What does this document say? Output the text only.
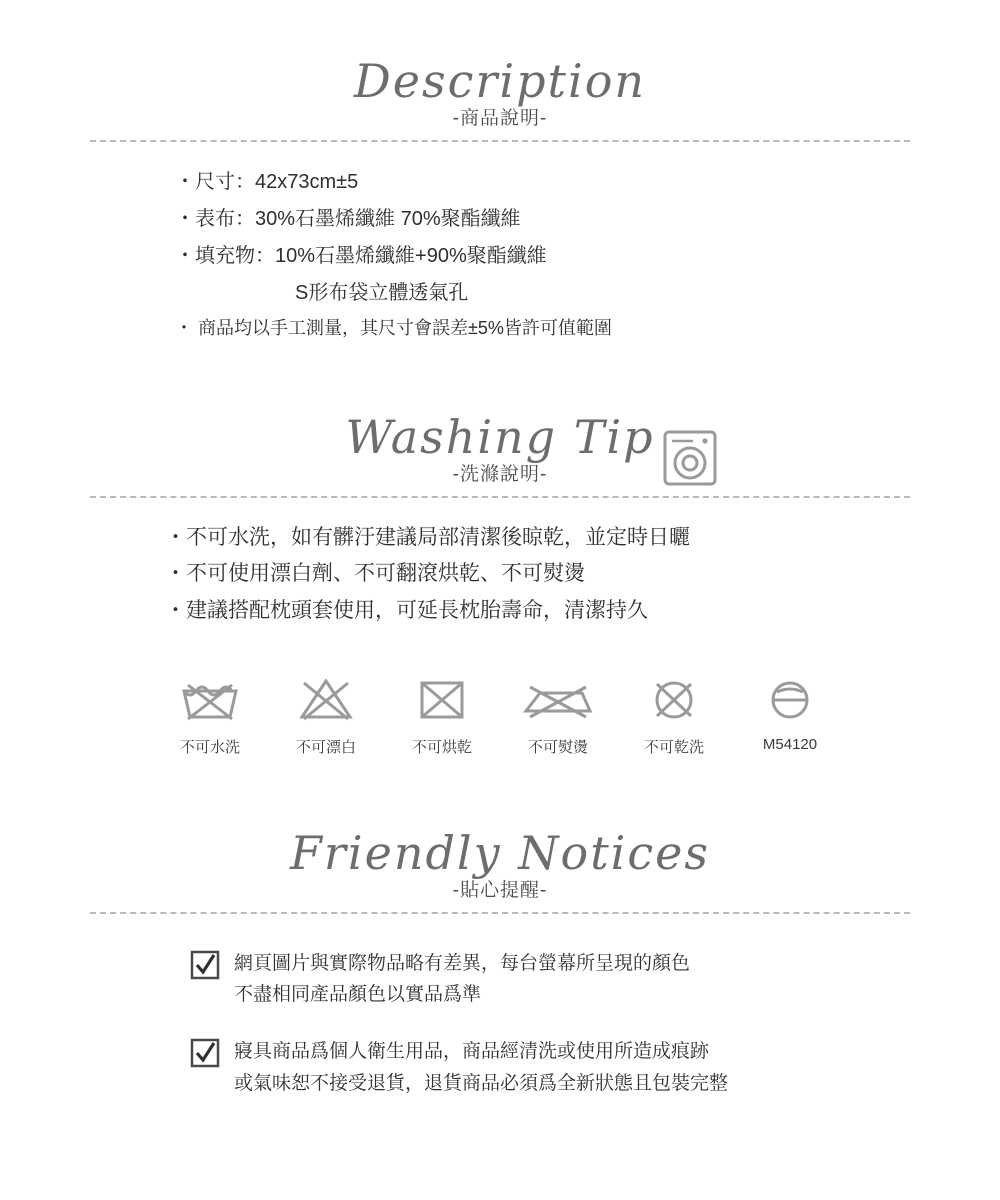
Description
-商品說明-
・尺寸：42x73cm±5
・表布：30%石墨烯纖維 70%聚酯纖維
・填充物：10%石墨烯纖維+90%聚酯纖維
S形布袋立體透氣孔
・ 商品均以手工測量，其尺寸會誤差±5%皆許可值範圍
Washing Tip
-洗滌說明-
・不可水洗，如有髒汙建議局部清潔後晾乾，並定時日曬
・不可使用漂白劑、不可翻滾烘乾、不可熨燙
・建議搭配枕頭套使用，可延長枕胎壽命，清潔持久
不可水洗	不可漂白	不可烘乾	不可熨燙	不可乾洗	M54120
Friendly Notices
-貼心提醒-
網頁圖片與實際物品略有差異，每台螢幕所呈現的顏色
不盡相同產品顏色以實品爲準
寢具商品爲個人衛生用品，商品經清洗或使用所造成痕跡
或氣味恕不接受退貨，退貨商品必須爲全新狀態且包裝完整
